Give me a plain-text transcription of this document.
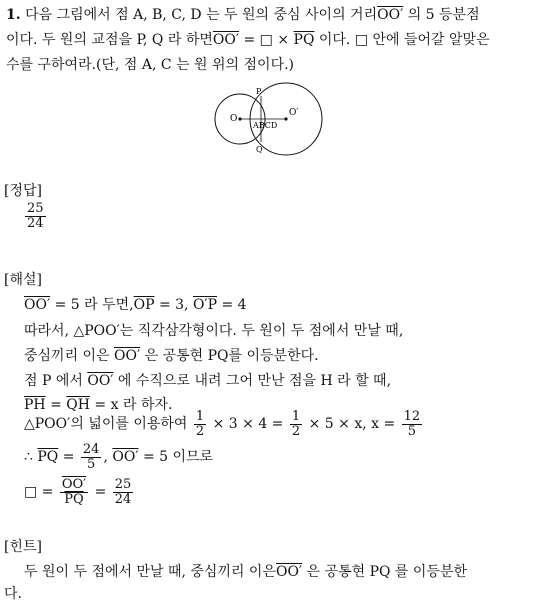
1. 다음 그림에서 점 A, B, C, D 는 두 원의 중심 사이의 거리OO′ 의 5 등분점
이다. 두 원의 교점을 P, Q 라 하면OO′ = □ × $\overline{PQ}$ 이다. □ 안에 들어갈 알맞은
수를 구하여라.(단, 점 A, C 는 원 위의 점이다.)
O
O′
P
Q
ABCD
[정답]
$\frac{25}{24}$
[해설]
OO′ = 5 라 두면$,\overline{OP} = 3$, O′P = 4
따라서, △POO′는 직각삼각형이다. 두 원이 두 점에서 만날 때,
중심끼리 이은 OO′ 은 공통현 PQ를 이등분한다.
점 P 에서 OO′ 에 수직으로 내려 그어 만난 점을 H 라 할 때,
$\overline{PH} = \overline{QH} = x$ 라 하자.
△POO′의 넓이를 이용하여 $\frac{1}{2} \times 3 \times 4 = \frac{1}{2} \times 5 \times x$, $x = \frac{12}{5}$
∴ $\overline{PQ} = \frac{24}{5}$ , OO′ = 5 이므로
□ = $\frac{OO'}{PQ} = \frac{25}{24}$
[힌트]
두 원이 두 점에서 만날 때, 중심끼리 이은OO′ 은 공통현 PQ 를 이등분한
다.
